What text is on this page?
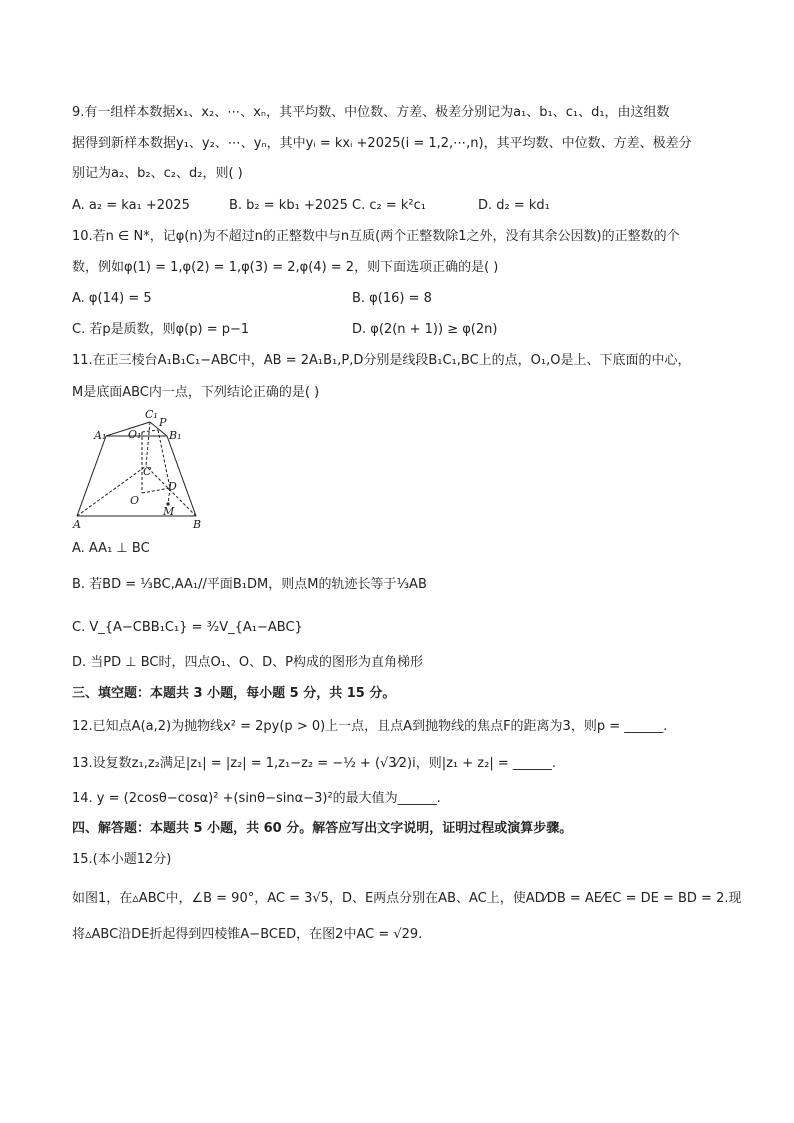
9.有一组样本数据x₁、x₂、⋯、xₙ，其平均数、中位数、方差、极差分别记为a₁、b₁、c₁、d₁，由这组数
据得到新样本数据y₁、y₂、⋯、yₙ，其中yᵢ = kxᵢ +2025(i = 1,2,⋯,n)，其平均数、中位数、方差、极差分
别记为a₂、b₂、c₂、d₂，则( )
A. a₂ = ka₁ +2025	B. b₂ = kb₁ +2025 C. c₂ = k²c₁	D. d₂ = kd₁
10.若n ∈ N*，记φ(n)为不超过n的正整数中与n互质(两个正整数除1之外，没有其余公因数)的正整数的个
数，例如φ(1) = 1,φ(2) = 1,φ(3) = 2,φ(4) = 2，则下面选项正确的是( )
A. φ(14) = 5	B. φ(16) = 8
C. 若p是质数，则φ(p) = p−1	D. φ(2(n + 1)) ≥ φ(2n)
11.在正三棱台A₁B₁C₁−ABC中，AB = 2A₁B₁,P,D分别是线段B₁C₁,BC上的点，O₁,O是上、下底面的中心，
M是底面ABC内一点，下列结论正确的是( )
C₁
P
A₁ O₁	B₁
C
D
O
M
A	B
A. AA₁ ⊥ BC
B. 若BD = ⅓BC,AA₁//平面B₁DM，则点M的轨迹长等于⅓AB
C. V_{A−CBB₁C₁} = ³⁄₂V_{A₁−ABC}
D. 当PD ⊥ BC时，四点O₁、O、D、P构成的图形为直角梯形
三、填空题：本题共 3 小题，每小题 5 分，共 15 分。
12.已知点A(a,2)为抛物线x² = 2py(p > 0)上一点，且点A到抛物线的焦点F的距离为3，则p = ______.
13.设复数z₁,z₂满足|z₁| = |z₂| = 1,z₁−z₂ = −½ + (√3⁄2)i，则|z₁ + z₂| = ______.
14. y = (2cosθ−cosα)² +(sinθ−sinα−3)²的最大值为______.
四、解答题：本题共 5 小题，共 60 分。解答应写出文字说明，证明过程或演算步骤。
15.(本小题12分)
如图1，在▵ABC中，∠B = 90°，AC = 3√5，D、E两点分别在AB、AC上，使AD⁄DB = AE⁄EC = DE = BD = 2.现
将▵ABC沿DE折起得到四棱锥A−BCED，在图2中AC = √29.
